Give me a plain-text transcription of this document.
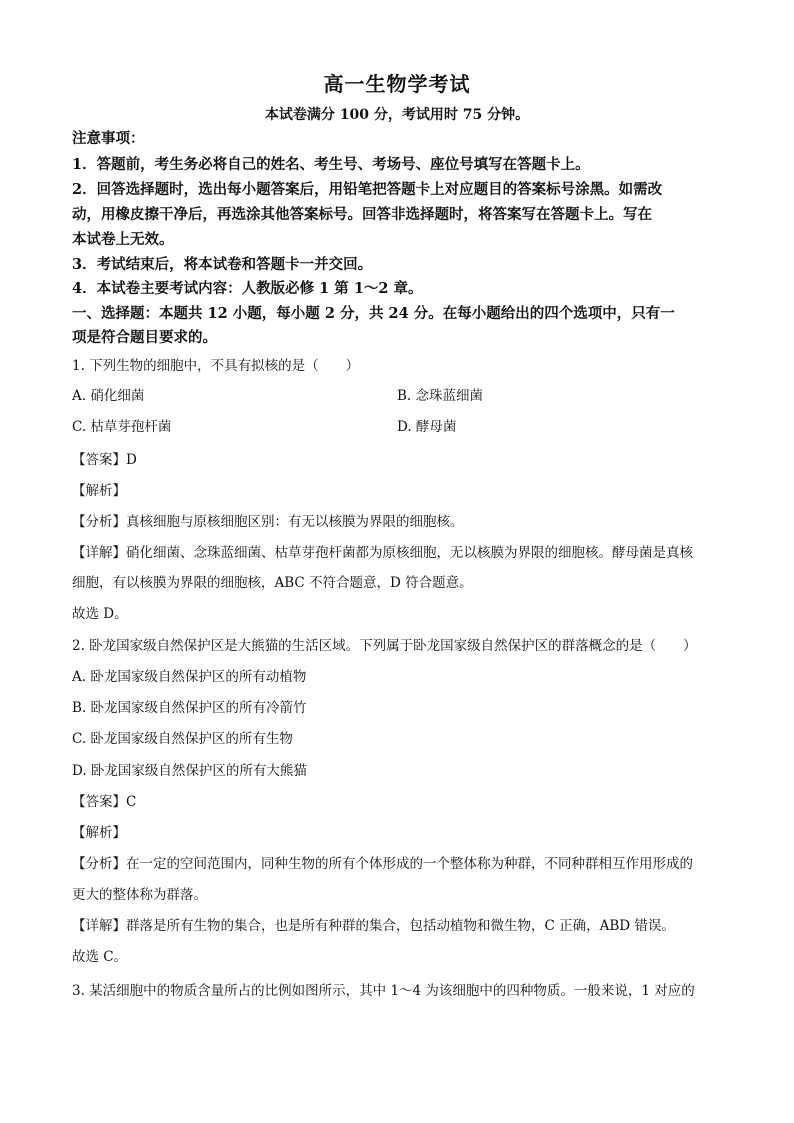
高一生物学考试
本试卷满分 100 分，考试用时 75 分钟。
注意事项：
1．答题前，考生务必将自己的姓名、考生号、考场号、座位号填写在答题卡上。
2．回答选择题时，选出每小题答案后，用铅笔把答题卡上对应题目的答案标号涂黑。如需改
动，用橡皮擦干净后，再选涂其他答案标号。回答非选择题时，将答案写在答题卡上。写在
本试卷上无效。
3．考试结束后，将本试卷和答题卡一并交回。
4．本试卷主要考试内容：人教版必修 1 第 1～2 章。
一、选择题：本题共 12 小题，每小题 2 分，共 24 分。在每小题给出的四个选项中，只有一
项是符合题目要求的。
1. 下列生物的细胞中，不具有拟核的是（　　）
A. 硝化细菌	B. 念珠蓝细菌
C. 枯草芽孢杆菌	D. 酵母菌
【答案】D
【解析】
【分析】真核细胞与原核细胞区别：有无以核膜为界限的细胞核。
【详解】硝化细菌、念珠蓝细菌、枯草芽孢杆菌都为原核细胞，无以核膜为界限的细胞核。酵母菌是真核
细胞，有以核膜为界限的细胞核，ABC 不符合题意，D 符合题意。
故选 D。
2. 卧龙国家级自然保护区是大熊猫的生活区域。下列属于卧龙国家级自然保护区的群落概念的是（　　）
A. 卧龙国家级自然保护区的所有动植物
B. 卧龙国家级自然保护区的所有冷箭竹
C. 卧龙国家级自然保护区的所有生物
D. 卧龙国家级自然保护区的所有大熊猫
【答案】C
【解析】
【分析】在一定的空间范围内，同种生物的所有个体形成的一个整体称为种群，不同种群相互作用形成的
更大的整体称为群落。
【详解】群落是所有生物的集合，也是所有种群的集合，包括动植物和微生物，C 正确，ABD 错误。
故选 C。
3. 某活细胞中的物质含量所占的比例如图所示，其中 1～4 为该细胞中的四种物质。一般来说，1 对应的
